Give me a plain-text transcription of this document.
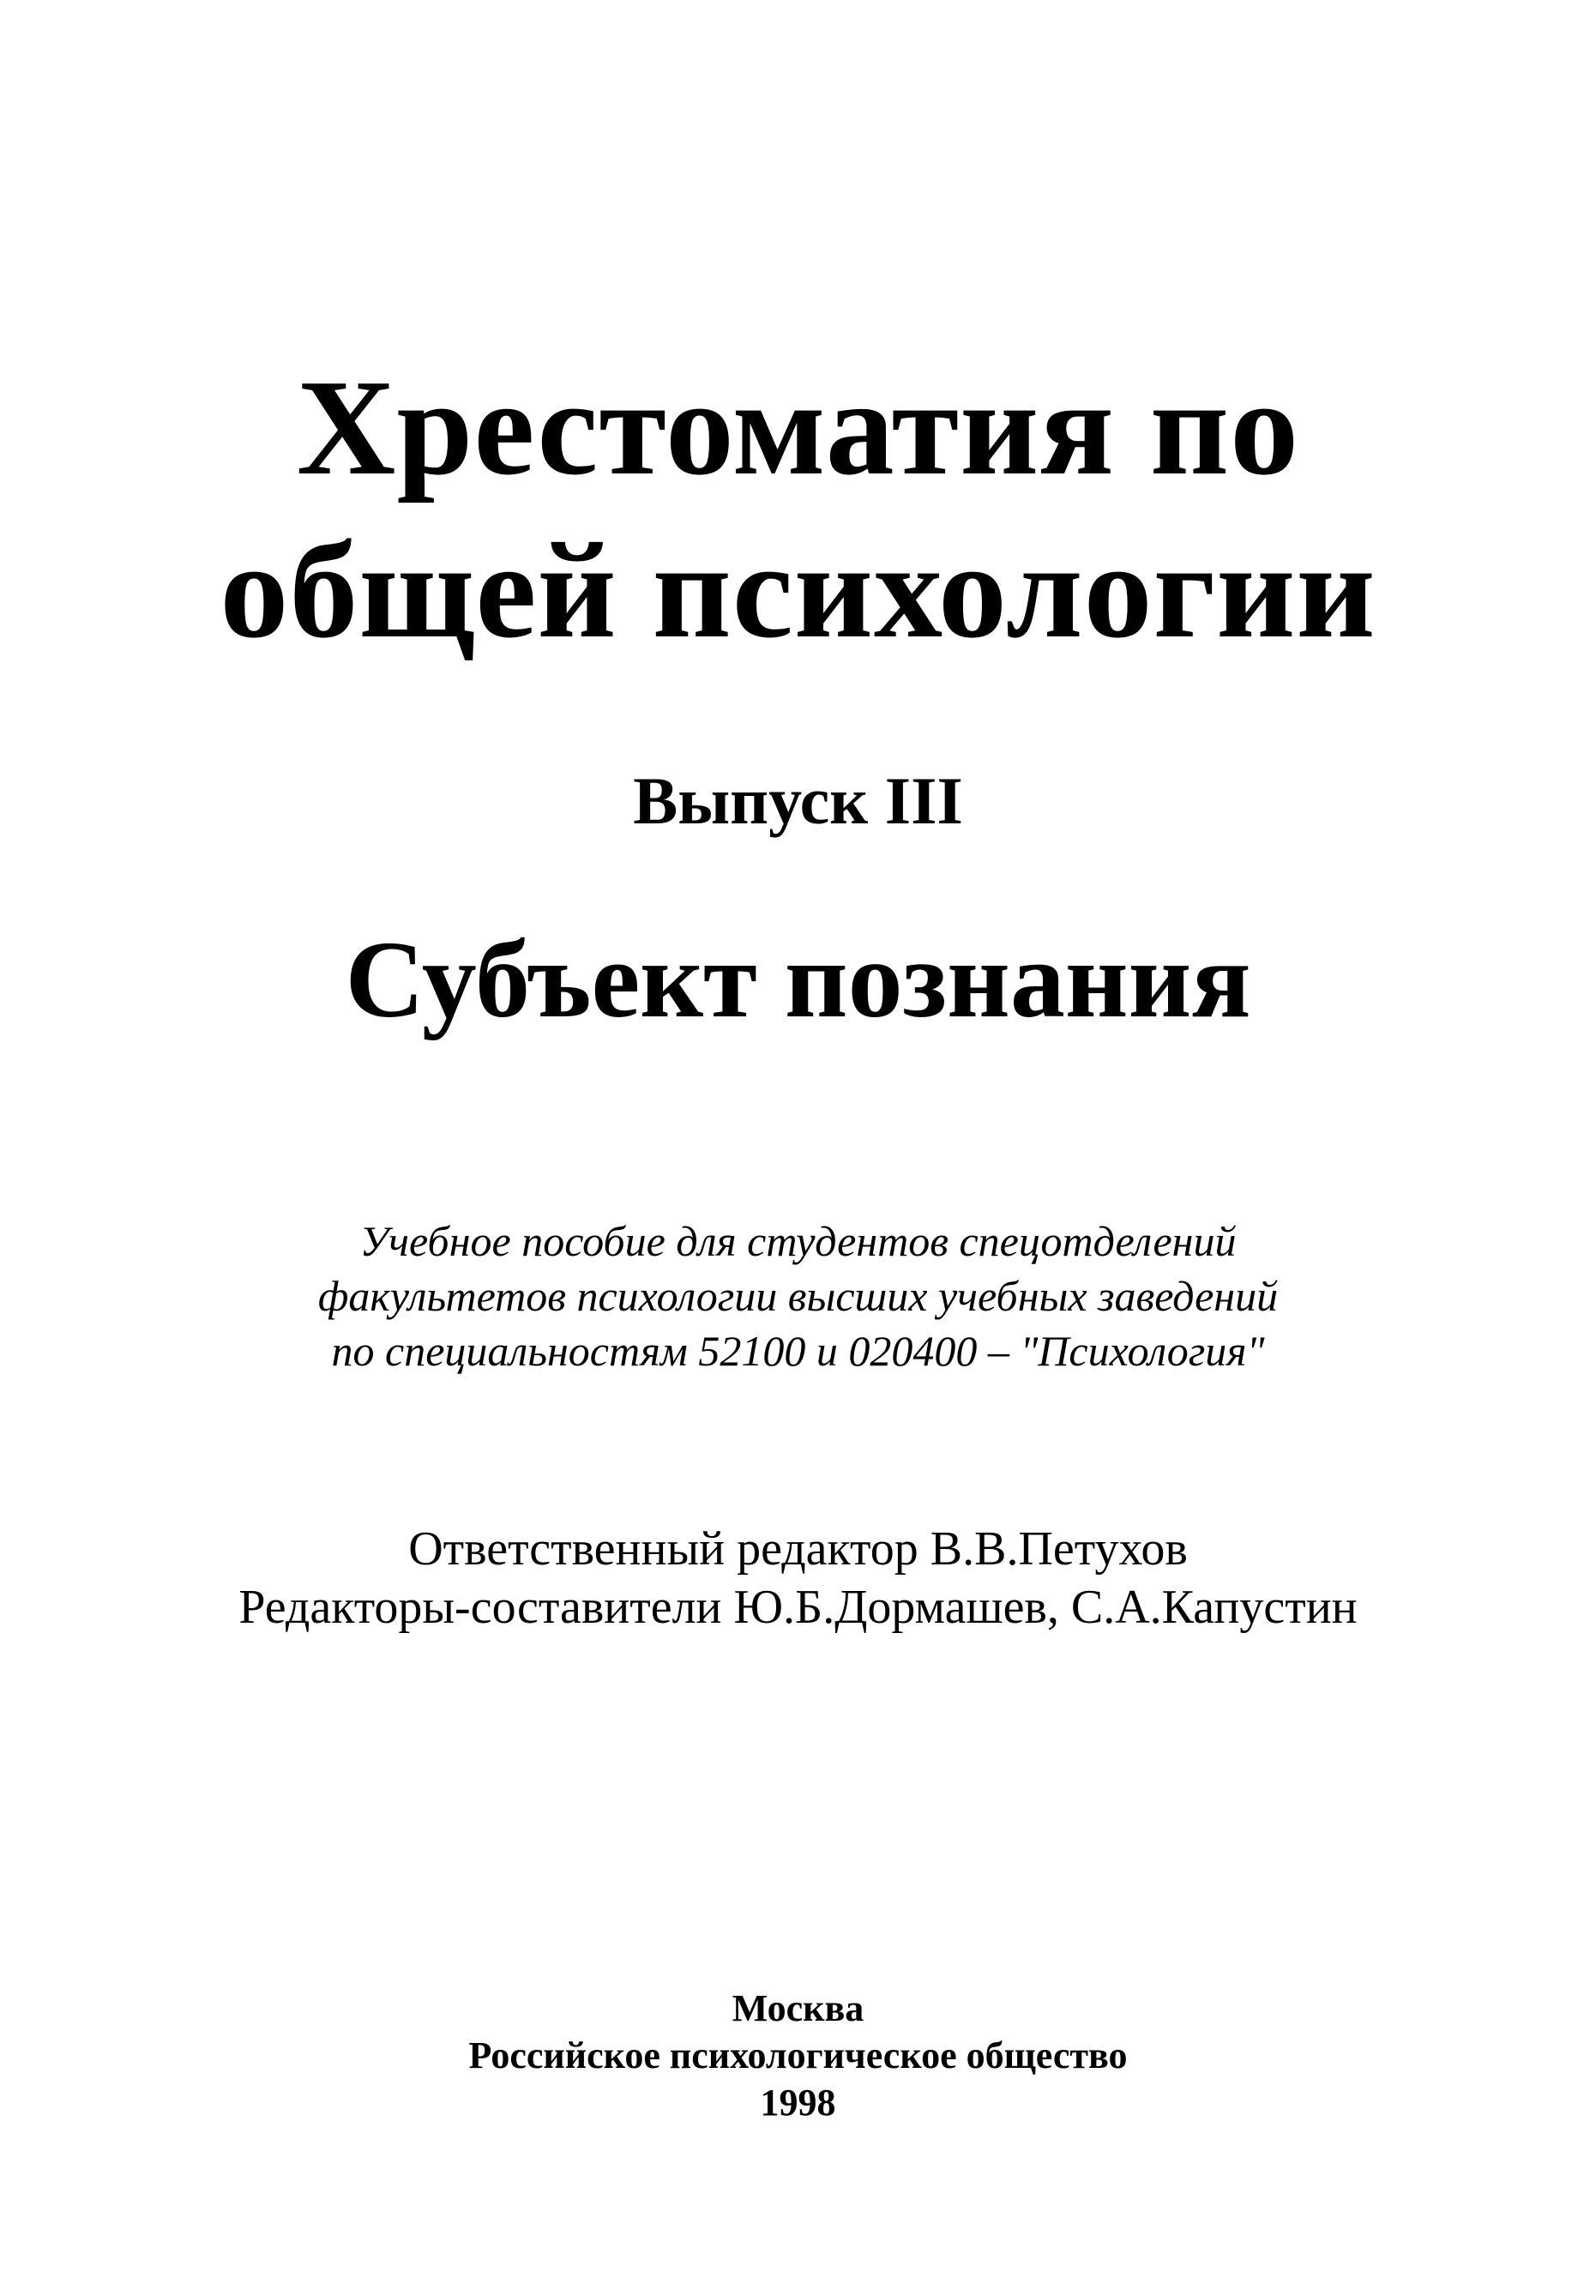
Хрестоматия по
общей психологии
Выпуск III
Субъект познания
Учебное пособие для студентов спецотделений
факультетов психологии высших учебных заведений
по специальностям 52100 и 020400 – "Психология"
Ответственный редактор В.В.Петухов
Редакторы-составители Ю.Б.Дормашев, С.А.Капустин
Москва
Российское психологическое общество
1998
